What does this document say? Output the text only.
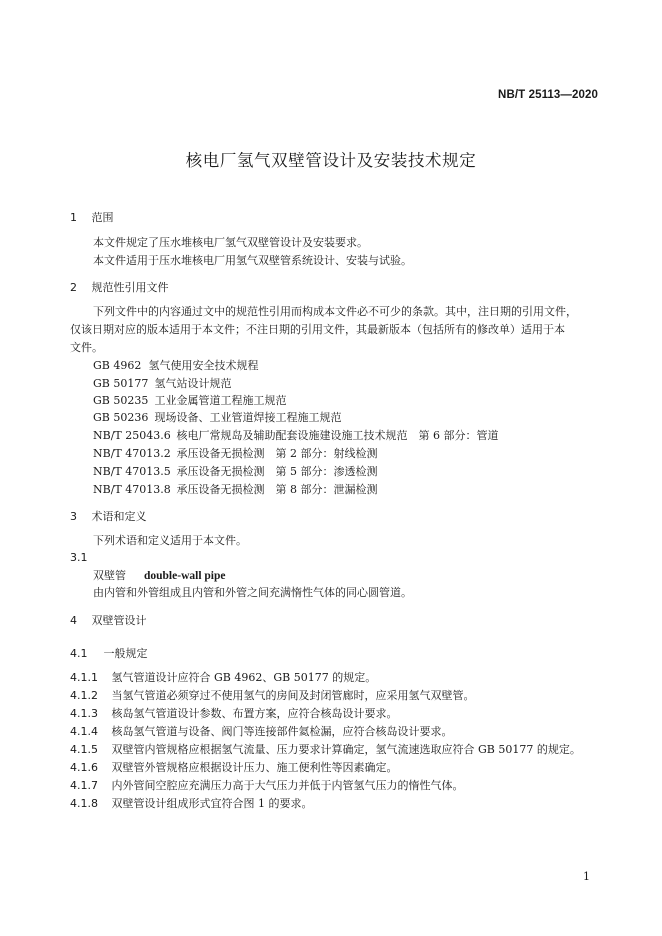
NB/T 25113—2020
核电厂氢气双壁管设计及安装技术规定
1 范围
本文件规定了压水堆核电厂氢气双壁管设计及安装要求。
本文件适用于压水堆核电厂用氢气双壁管系统设计、安装与试验。
2 规范性引用文件
下列文件中的内容通过文中的规范性引用而构成本文件必不可少的条款。其中，注日期的引用文件，
仅该日期对应的版本适用于本文件；不注日期的引用文件，其最新版本（包括所有的修改单）适用于本
文件。
GB 4962 氢气使用安全技术规程
GB 50177 氢气站设计规范
GB 50235 工业金属管道工程施工规范
GB 50236 现场设备、工业管道焊接工程施工规范
NB/T 25043.6 核电厂常规岛及辅助配套设施建设施工技术规范　第 6 部分：管道
NB/T 47013.2 承压设备无损检测　第 2 部分：射线检测
NB/T 47013.5 承压设备无损检测　第 5 部分：渗透检测
NB/T 47013.8 承压设备无损检测　第 8 部分：泄漏检测
3 术语和定义
下列术语和定义适用于本文件。
3.1
双壁管 double-wall pipe
由内管和外管组成且内管和外管之间充满惰性气体的同心圆管道。
4 双壁管设计
4.1 一般规定
4.1.1 氢气管道设计应符合 GB 4962、GB 50177 的规定。
4.1.2 当氢气管道必须穿过不使用氢气的房间及封闭管廊时，应采用氢气双壁管。
4.1.3 核岛氢气管道设计参数、布置方案，应符合核岛设计要求。
4.1.4 核岛氢气管道与设备、阀门等连接部件氦检漏，应符合核岛设计要求。
4.1.5 双壁管内管规格应根据氢气流量、压力要求计算确定，氢气流速选取应符合 GB 50177 的规定。
4.1.6 双壁管外管规格应根据设计压力、施工便利性等因素确定。
4.1.7 内外管间空腔应充满压力高于大气压力并低于内管氢气压力的惰性气体。
4.1.8 双壁管设计组成形式宜符合图 1 的要求。
1
